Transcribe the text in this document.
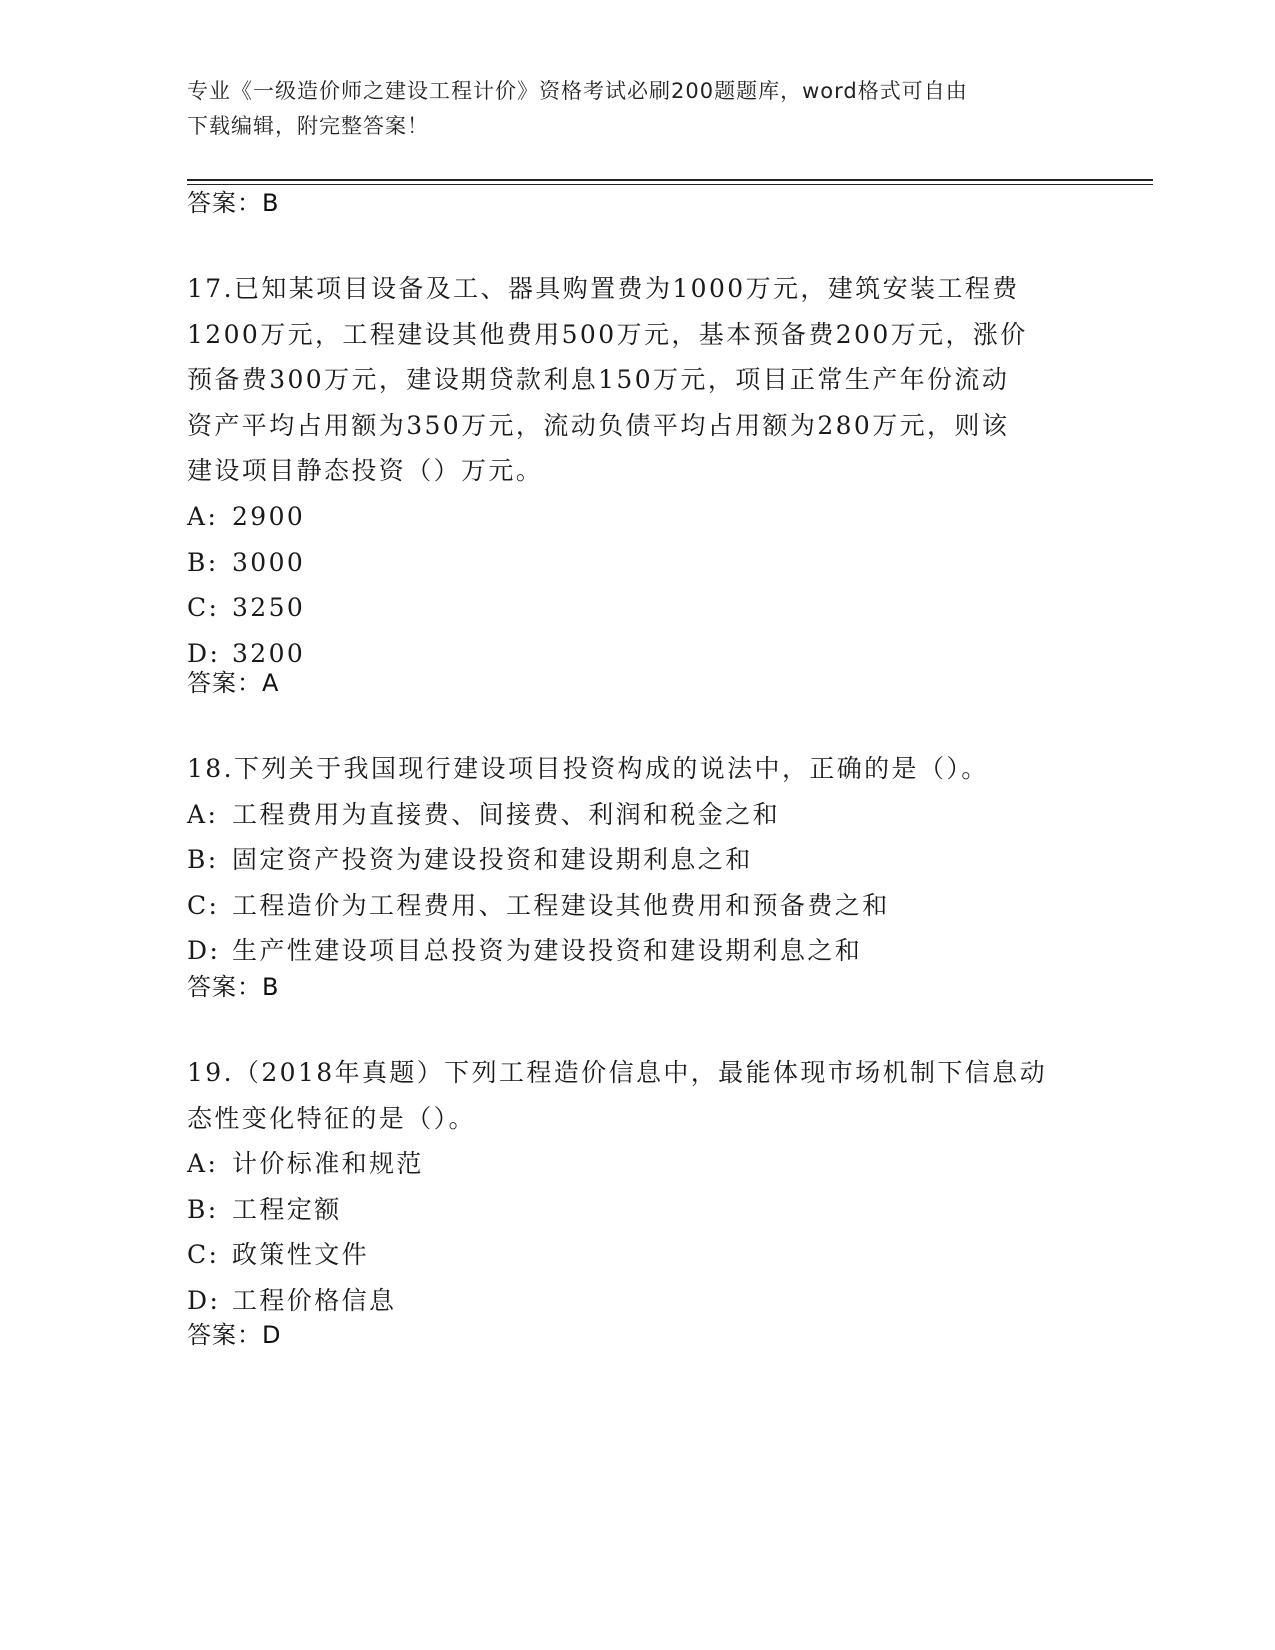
专业《一级造价师之建设工程计价》资格考试必刷200题题库，word格式可自由
下载编辑，附完整答案！
答案：B

17.已知某项目设备及工、器具购置费为1000万元，建筑安装工程费

1200万元，工程建设其他费用500万元，基本预备费200万元，涨价

预备费300万元，建设期贷款利息150万元，项目正常生产年份流动

资产平均占用额为350万元，流动负债平均占用额为280万元，则该

建设项目静态投资（）万元。

A: 2900

B: 3000

C: 3250

D: 3200

答案：A

18.下列关于我国现行建设项目投资构成的说法中，正确的是（）。

A: 工程费用为直接费、间接费、利润和税金之和

B: 固定资产投资为建设投资和建设期利息之和

C: 工程造价为工程费用、工程建设其他费用和预备费之和

D: 生产性建设项目总投资为建设投资和建设期利息之和

答案：B

19.（2018年真题）下列工程造价信息中，最能体现市场机制下信息动

态性变化特征的是（）。

A: 计价标准和规范

B: 工程定额

C: 政策性文件

D: 工程价格信息

答案：D
